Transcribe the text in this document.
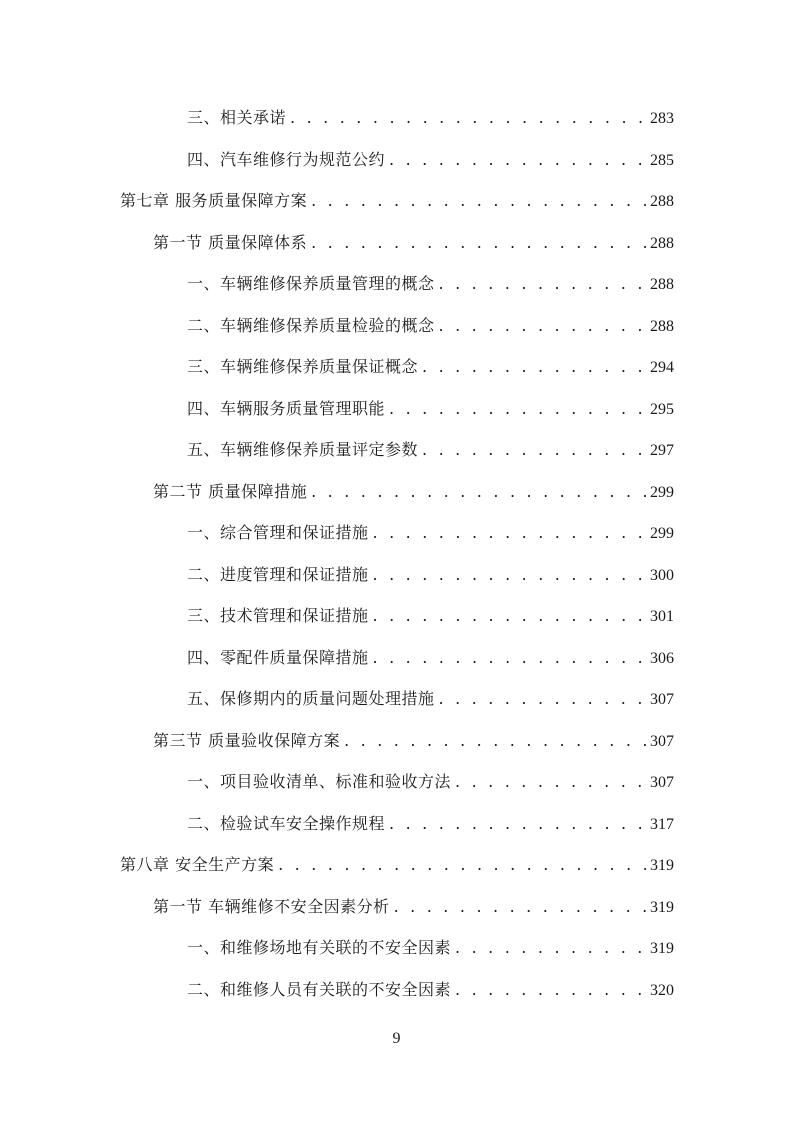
三、相关承诺 . . .	283
四、汽车维修行为规范公约 . . .	285
第七章 服务质量保障方案 . . .	288
第一节 质量保障体系 . . .	288
一、车辆维修保养质量管理的概念 . . .	288
二、车辆维修保养质量检验的概念 . . .	288
三、车辆维修保养质量保证概念 . . .	294
四、车辆服务质量管理职能 . . .	295
五、车辆维修保养质量评定参数 . . .	297
第二节 质量保障措施 . . .	299
一、综合管理和保证措施 . . .	299
二、进度管理和保证措施 . . .	300
三、技术管理和保证措施 . . .	301
四、零配件质量保障措施 . . .	306
五、保修期内的质量问题处理措施 . . .	307
第三节 质量验收保障方案 . . .	307
一、项目验收清单、标准和验收方法 . . .	307
二、检验试车安全操作规程 . . .	317
第八章 安全生产方案 . . .	319
第一节 车辆维修不安全因素分析 . . .	319
一、和维修场地有关联的不安全因素 . . .	319
二、和维修人员有关联的不安全因素 . . .	320
9
